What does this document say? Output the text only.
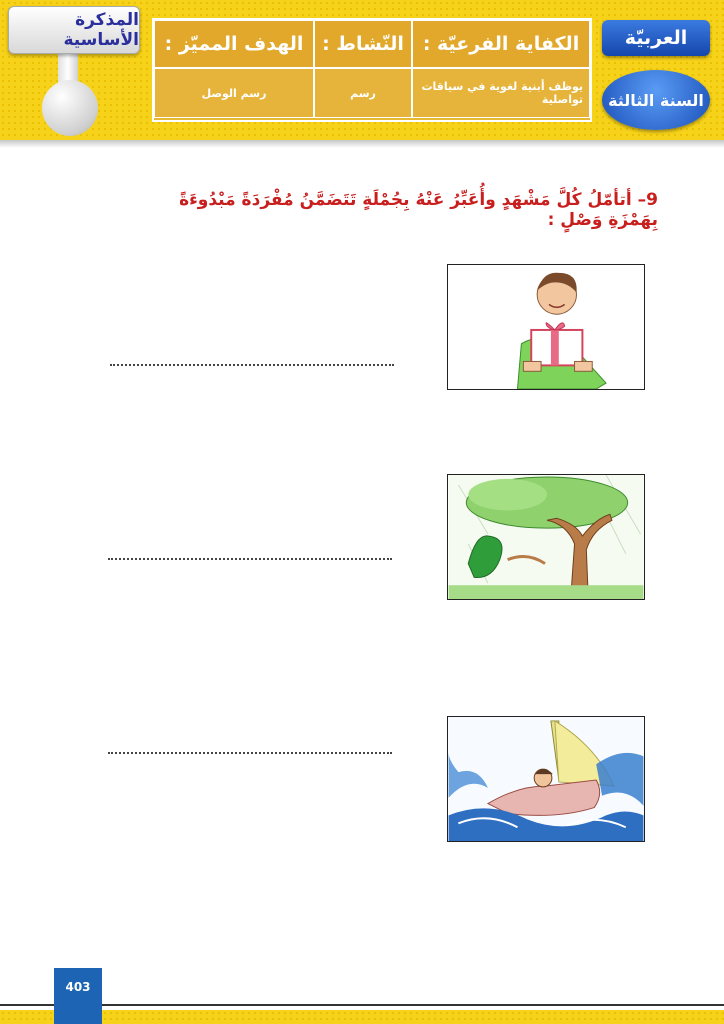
المذكرة الأساسية	الهدف المميّز : النّشاط : الكفاية الفرعيّة :
رسم الوصل	رسم	يوظف أبنية لغوية في سياقات تواصلية
العربيّة
السنة الثالثة
9– أتأمّلُ كُلَّ مَشْهَدٍ وأُعَبِّرُ عَنْهُ بِجُمْلَةٍ تَتَضَمَّنُ مُفْرَدَةً مَبْدُوءَةً بِهَمْزَةِ وَصْلٍ :
403
